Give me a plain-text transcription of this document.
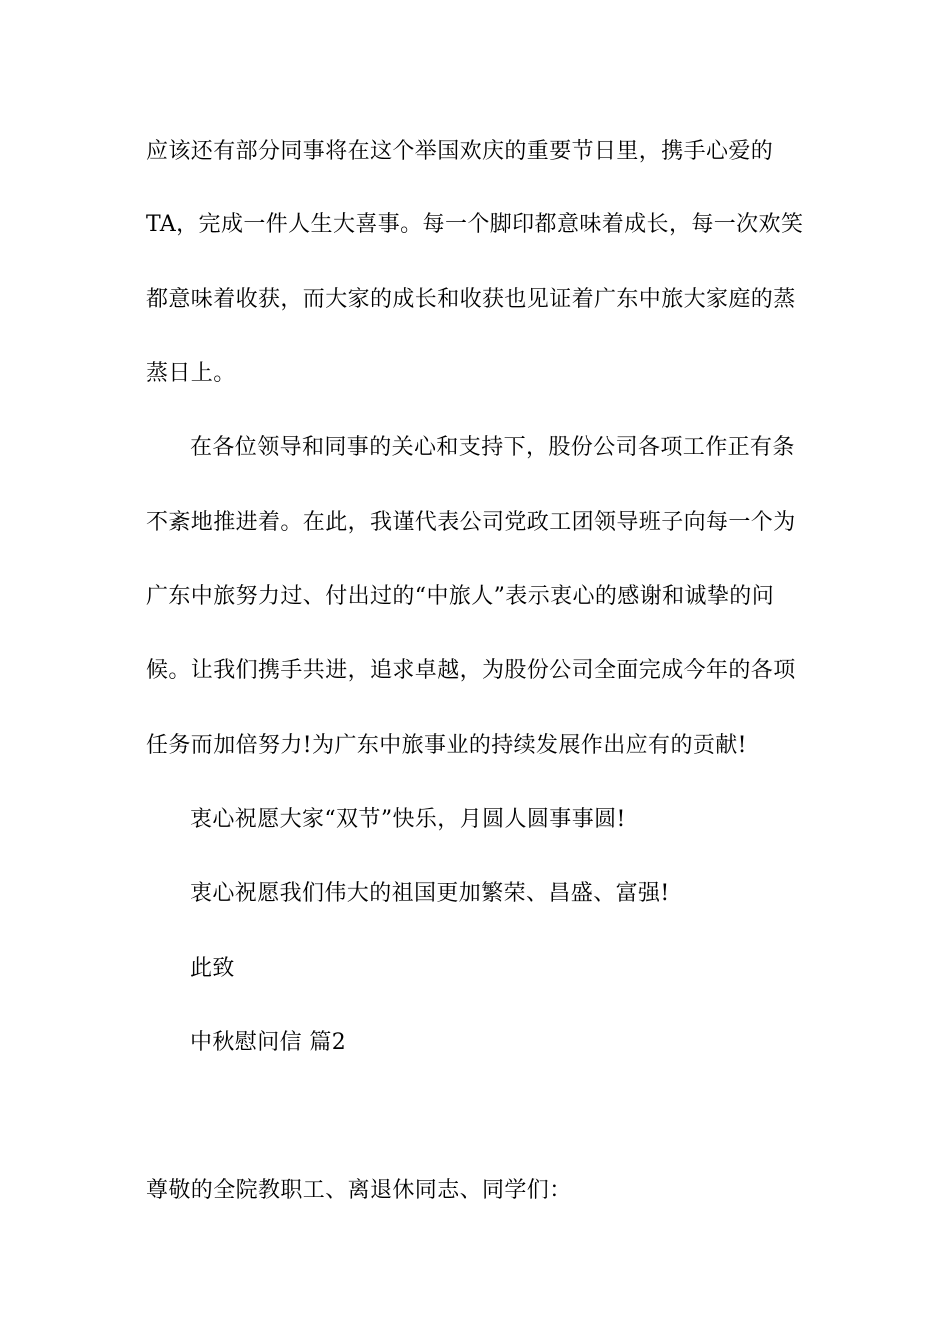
应该还有部分同事将在这个举国欢庆的重要节日里，携手心爱的
TA，完成一件人生大喜事。每一个脚印都意味着成长，每一次欢笑
都意味着收获，而大家的成长和收获也见证着广东中旅大家庭的蒸
蒸日上。
在各位领导和同事的关心和支持下，股份公司各项工作正有条
不紊地推进着。在此，我谨代表公司党政工团领导班子向每一个为
广东中旅努力过、付出过的“中旅人”表示衷心的感谢和诚挚的问
候。让我们携手共进，追求卓越，为股份公司全面完成今年的各项
任务而加倍努力!为广东中旅事业的持续发展作出应有的贡献!
衷心祝愿大家“双节”快乐，月圆人圆事事圆!
衷心祝愿我们伟大的祖国更加繁荣、昌盛、富强!
此致
中秋慰问信 篇2
尊敬的全院教职工、离退休同志、同学们：
